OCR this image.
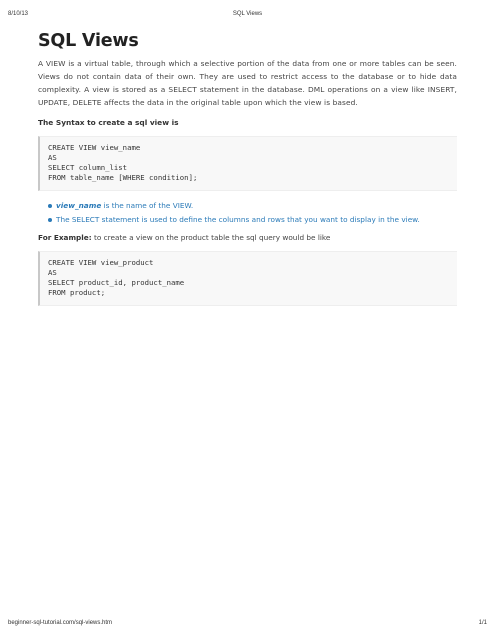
8/10/13	SQL Views
SQL Views

A VIEW is a virtual table, through which a selective portion of the data from one or more tables can be seen. Views do not contain data of their own. They are used to restrict access to the database or to hide data complexity. A view is stored as a SELECT statement in the database. DML operations on a view like INSERT, UPDATE, DELETE affects the data in the original table upon which the view is based.

The Syntax to create a sql view is

CREATE VIEW view_name
AS
SELECT column_list
FROM table_name [WHERE condition];
view_name is the name of the VIEW.
The SELECT statement is used to define the columns and rows that you want to display in the view.

For Example: to create a view on the product table the sql query would be like

CREATE VIEW view_product
AS
SELECT product_id, product_name
FROM product;
beginner-sql-tutorial.com/sql-views.htm	1/1
